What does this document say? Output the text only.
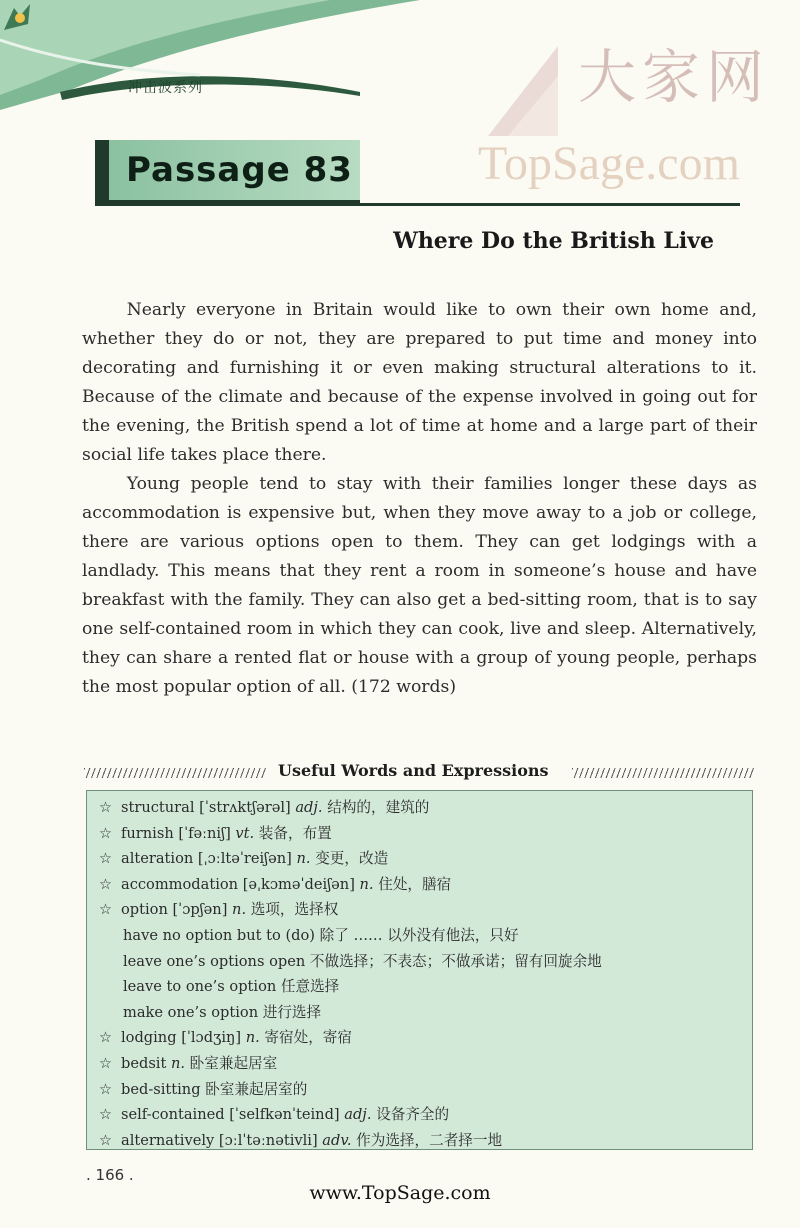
冲击波系列	大家网
TopSage.com
Passage 83
Where Do the British Live

Nearly everyone in Britain would like to own their own home and, whether they do or not, they are prepared to put time and money into decorating and furnishing it or even making structural alterations to it. Because of the climate and because of the expense involved in going out for the evening, the British spend a lot of time at home and a large part of their social life takes place there.

Young people tend to stay with their families longer these days as accommodation is expensive but, when they move away to a job or college, there are various options open to them. They can get lodgings with a landlady. This means that they rent a room in someone’s house and have breakfast with the family. They can also get a bed-sitting room, that is to say one self-contained room in which they can cook, live and sleep. Alternatively, they can share a rented flat or house with a group of young people, perhaps the most popular option of all. (172 words)

Useful Words and Expressions
☆ structural [ˈstrʌktʃərəl] adj. 结构的，建筑的
☆ furnish [ˈfəːniʃ] vt. 装备，布置
☆ alteration [ˌɔːltəˈreiʃən] n. 变更，改造
☆ accommodation [əˌkɔməˈdeiʃən] n. 住处，膳宿
☆ option [ˈɔpʃən] n. 选项，选择权
have no option but to (do) 除了 …… 以外没有他法，只好
leave one’s options open 不做选择；不表态；不做承诺；留有回旋余地
leave to one’s option 任意选择
make one’s option 进行选择
☆ lodging [ˈlɔdʒiŋ] n. 寄宿处，寄宿
☆ bedsit n. 卧室兼起居室
☆ bed-sitting 卧室兼起居室的
☆ self-contained [ˈselfkənˈteind] adj. 设备齐全的
☆ alternatively [ɔːlˈtəːnətivli] adv. 作为选择，二者择一地
. 166 .
www.TopSage.com
